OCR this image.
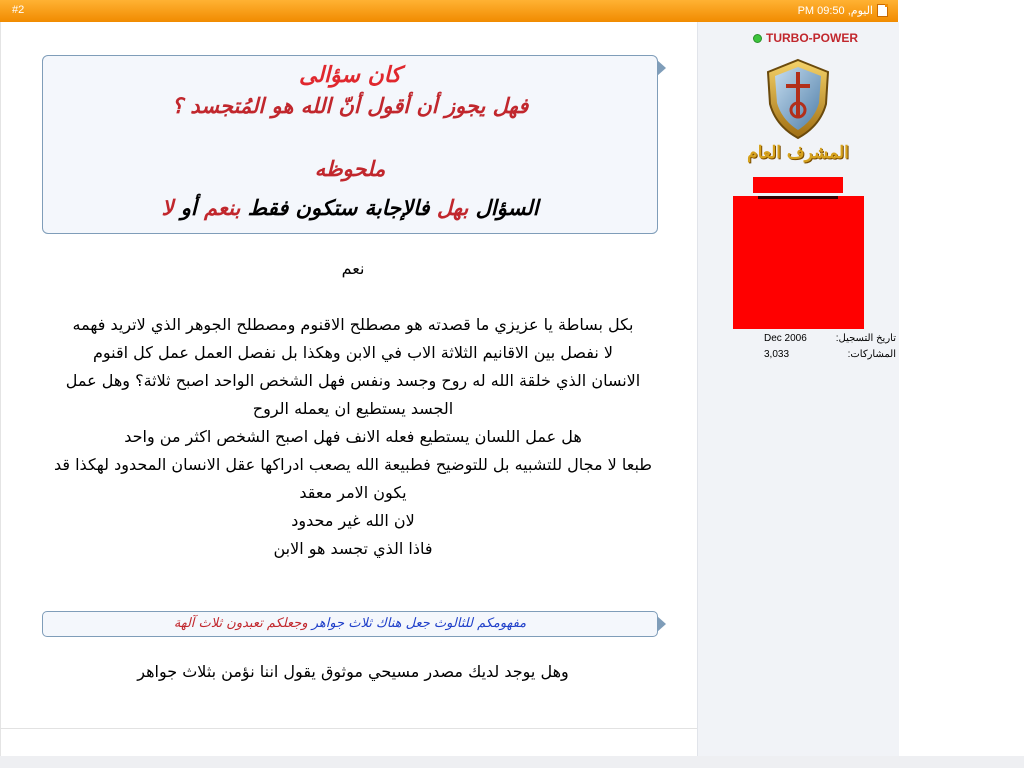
#2	اليوم, 09:50 PM
كان سؤالى
فهل يجوز أن أقول أنّ الله هو المُتجسد ؟
ملحوظه
السؤال بهل فالإجابة ستكون فقط بنعم أو لا
نعم
بكل بساطة يا عزيزي ما قصدته هو مصطلح الاقنوم ومصطلح الجوهر الذي لاتريد فهمه
لا نفصل بين الاقانيم الثلاثة الاب في الابن وهكذا بل نفصل العمل عمل كل اقنوم
الانسان الذي خلقة الله له روح وجسد ونفس فهل الشخص الواحد اصبح ثلاثة؟ وهل عمل
الجسد يستطيع ان يعمله الروح
هل عمل اللسان يستطيع فعله الانف فهل اصبح الشخص اكثر من واحد
طبعا لا مجال للتشبيه بل للتوضيح فطبيعة الله يصعب ادراكها عقل الانسان المحدود لهكذا قد
يكون الامر معقد
لان الله غير محدود
فاذا الذي تجسد هو الابن
مفهومكم للثالوث جعل هناك ثلاث جواهر وجعلكم تعبدون ثلاث آلهة
وهل يوجد لديك مصدر مسيحي موثوق يقول اننا نؤمن بثلاث جواهر
TURBO-POWER
المشرف العام
تاريخ التسجيل:
Dec 2006
المشاركات:
3,033
